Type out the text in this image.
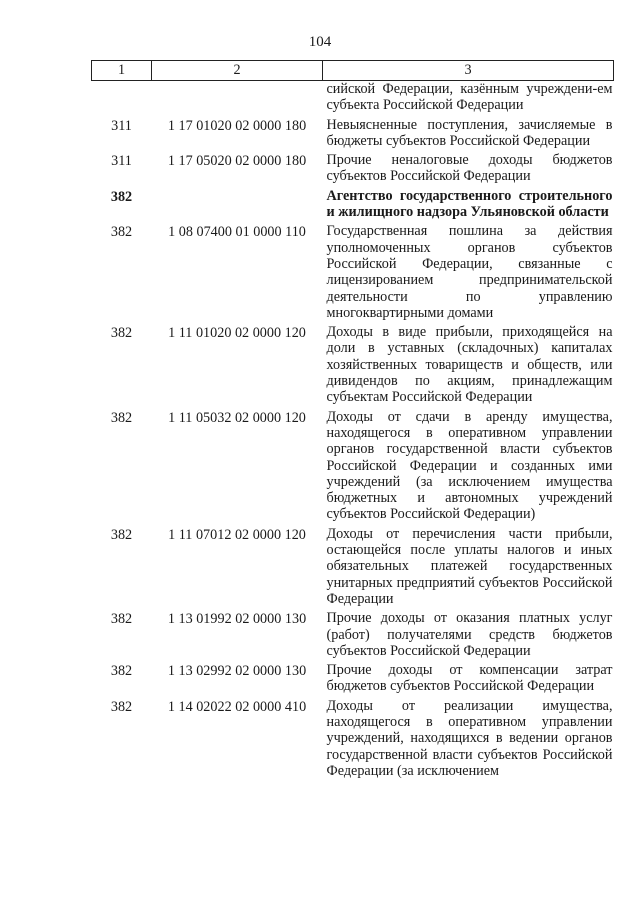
104
1	2	3
		сийской Федерации, казённым учреждени-ем субъекта Российской Федерации
311	1 17 01020 02 0000 180	Невыясненные поступления, зачисляемые в бюджеты субъектов Российской Федерации
311	1 17 05020 02 0000 180	Прочие неналоговые доходы бюджетов субъектов Российской Федерации
382		Агентство государственного строительного и жилищного надзора Ульяновской области
382	1 08 07400 01 0000 110	Государственная пошлина за действия уполномоченных органов субъектов Российской Федерации, связанные с лицензированием предпринимательской деятельности по управлению многоквартирными домами
382	1 11 01020 02 0000 120	Доходы в виде прибыли, приходящейся на доли в уставных (складочных) капиталах хозяйственных товариществ и обществ, или дивидендов по акциям, принадлежащим субъектам Российской Федерации
382	1 11 05032 02 0000 120	Доходы от сдачи в аренду имущества, находящегося в оперативном управлении органов государственной власти субъектов Российской Федерации и созданных ими учреждений (за исключением имущества бюджетных и автономных учреждений субъектов Российской Федерации)
382	1 11 07012 02 0000 120	Доходы от перечисления части прибыли, остающейся после уплаты налогов и иных обязательных платежей государственных унитарных предприятий субъектов Российской Федерации
382	1 13 01992 02 0000 130	Прочие доходы от оказания платных услуг (работ) получателями средств бюджетов субъектов Российской Федерации
382	1 13 02992 02 0000 130	Прочие доходы от компенсации затрат бюджетов субъектов Российской Федерации
382	1 14 02022 02 0000 410	Доходы от реализации имущества, находящегося в оперативном управлении учреждений, находящихся в ведении органов государственной власти субъектов Российской Федерации (за исключением
